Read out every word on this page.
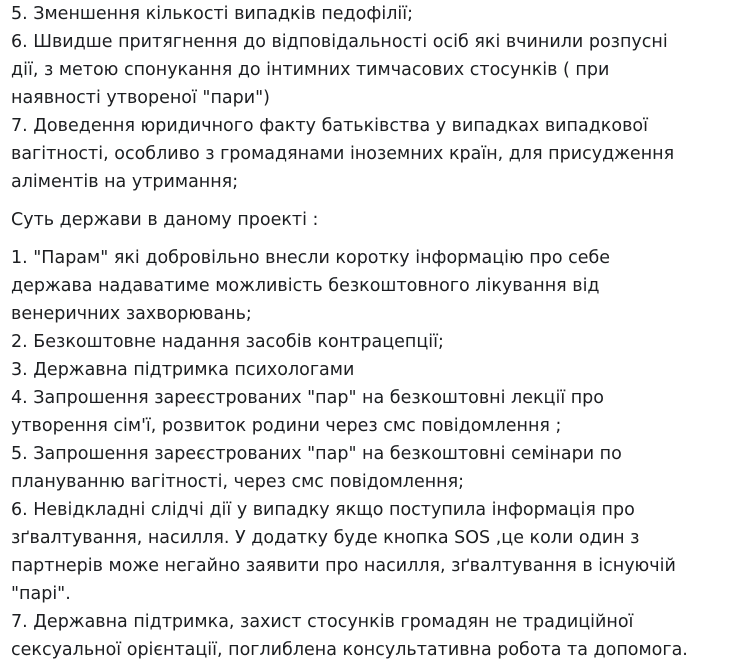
5. Зменшення кількості випадків педофілії;
6. Швидше притягнення до відповідальності осіб які вчинили розпусні
дії, з метою спонукання до інтимних тимчасових стосунків ( при
наявності утвореної "пари")
7. Доведення юридичного факту батьківства у випадках випадкової
вагітності, особливо з громадянами іноземних країн, для присудження
аліментів на утримання;
Суть держави в даному проекті :
1. "Парам" які добровільно внесли коротку інформацію про себе
держава надаватиме можливість безкоштовного лікування від
венеричних захворювань;
2. Безкоштовне надання засобів контрацепції;
3. Державна підтримка психологами
4. Запрошення зареєстрованих "пар" на безкоштовні лекції про
утворення сім'ї, розвиток родини через смс повідомлення ;
5. Запрошення зареєстрованих "пар" на безкоштовні семінари по
плануванню вагітності, через смс повідомлення;
6. Невідкладні слідчі дії у випадку якщо поступила інформація про
зґвалтування, насилля. У додатку буде кнопка SOS ,це коли один з
партнерів може негайно заявити про насилля, зґвалтування в існуючій
"парі".
7. Державна підтримка, захист стосунків громадян не традиційної
сексуальної орієнтації, поглиблена консультативна робота та допомога.
